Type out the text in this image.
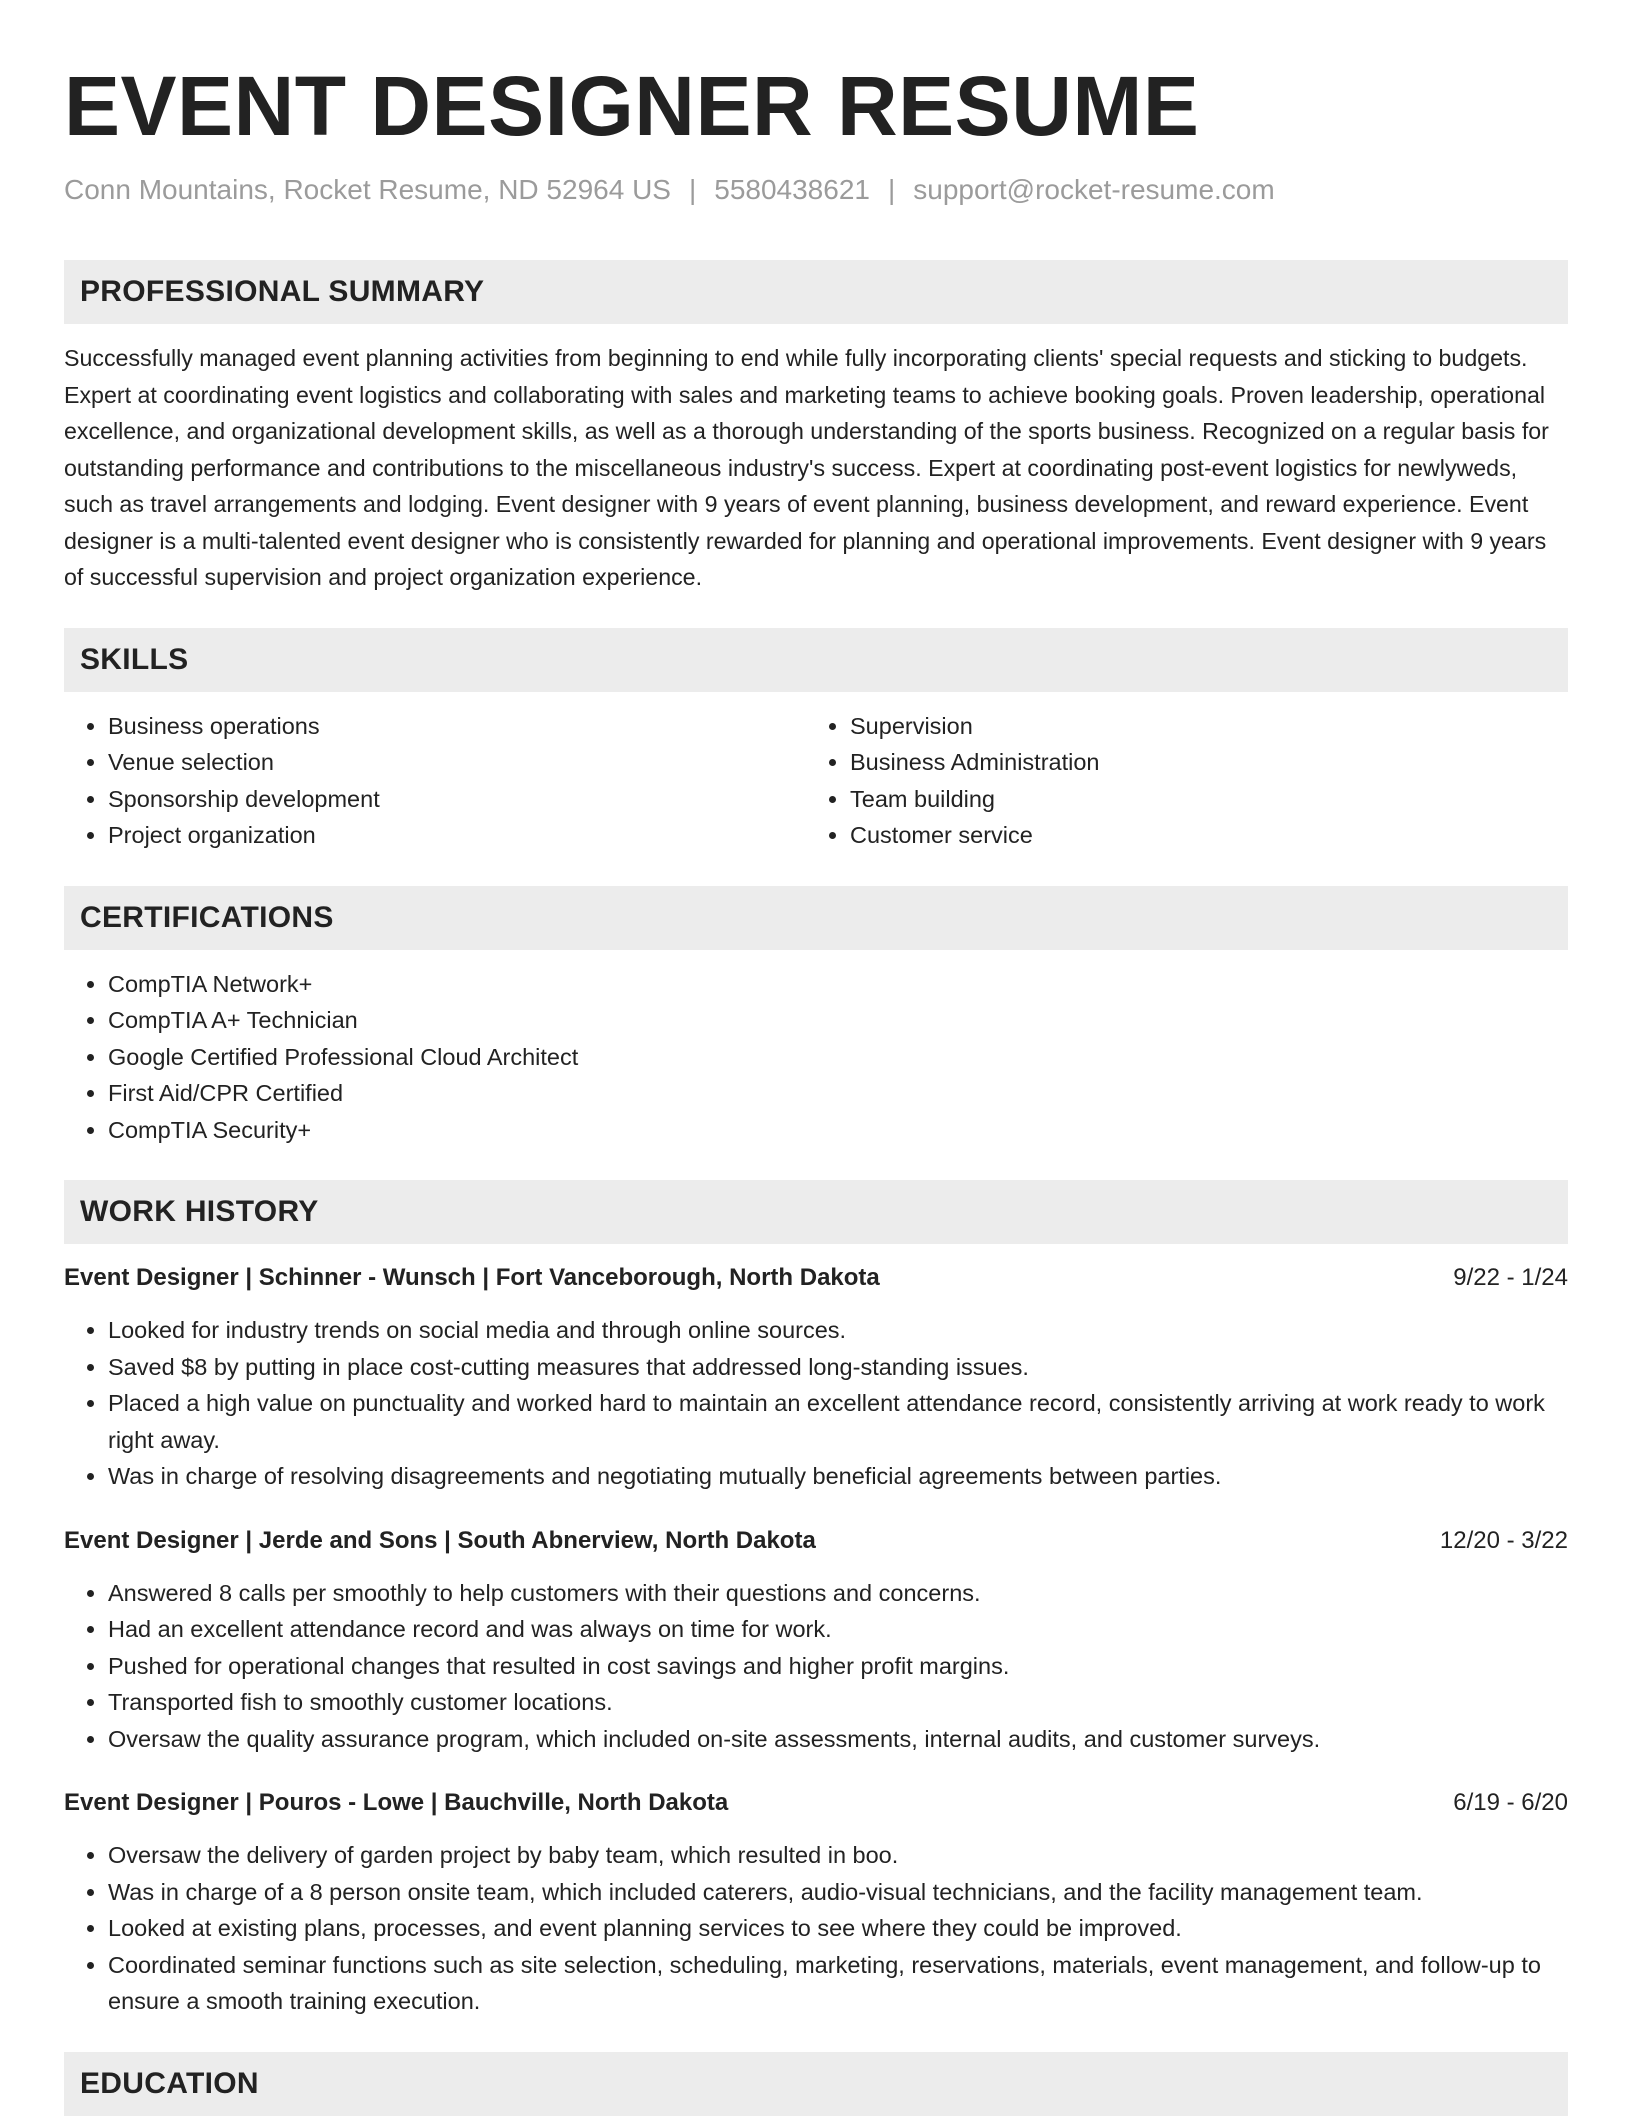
EVENT DESIGNER RESUME
Conn Mountains, Rocket Resume, ND 52964 US | 5580438621 | support@rocket-resume.com
PROFESSIONAL SUMMARY
Successfully managed event planning activities from beginning to end while fully incorporating clients' special requests and sticking to budgets. Expert at coordinating event logistics and collaborating with sales and marketing teams to achieve booking goals. Proven leadership, operational excellence, and organizational development skills, as well as a thorough understanding of the sports business. Recognized on a regular basis for outstanding performance and contributions to the miscellaneous industry's success. Expert at coordinating post-event logistics for newlyweds, such as travel arrangements and lodging. Event designer with 9 years of event planning, business development, and reward experience. Event designer is a multi-talented event designer who is consistently rewarded for planning and operational improvements. Event designer with 9 years of successful supervision and project organization experience.
SKILLS
• Business operations
• Venue selection
• Sponsorship development
• Project organization
• Supervision
• Business Administration
• Team building
• Customer service
CERTIFICATIONS
• CompTIA Network+
• CompTIA A+ Technician
• Google Certified Professional Cloud Architect
• First Aid/CPR Certified
• CompTIA Security+
WORK HISTORY
Event Designer | Schinner - Wunsch | Fort Vanceborough, North Dakota	9/22 - 1/24
• Looked for industry trends on social media and through online sources.
• Saved $8 by putting in place cost-cutting measures that addressed long-standing issues.
• Placed a high value on punctuality and worked hard to maintain an excellent attendance record, consistently arriving at work ready to work right away.
• Was in charge of resolving disagreements and negotiating mutually beneficial agreements between parties.
Event Designer | Jerde and Sons | South Abnerview, North Dakota	12/20 - 3/22
• Answered 8 calls per smoothly to help customers with their questions and concerns.
• Had an excellent attendance record and was always on time for work.
• Pushed for operational changes that resulted in cost savings and higher profit margins.
• Transported fish to smoothly customer locations.
• Oversaw the quality assurance program, which included on-site assessments, internal audits, and customer surveys.
Event Designer | Pouros - Lowe | Bauchville, North Dakota	6/19 - 6/20
• Oversaw the delivery of garden project by baby team, which resulted in boo.
• Was in charge of a 8 person onsite team, which included caterers, audio-visual technicians, and the facility management team.
• Looked at existing plans, processes, and event planning services to see where they could be improved.
• Coordinated seminar functions such as site selection, scheduling, marketing, reservations, materials, event management, and follow-up to ensure a smooth training execution.
EDUCATION
